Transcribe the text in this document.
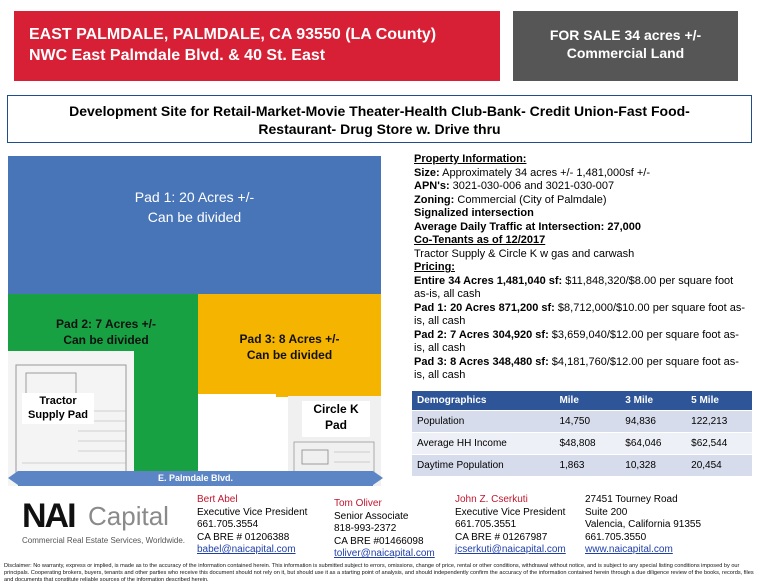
EAST PALMDALE, PALMDALE, CA 93550 (LA County)
NWC East Palmdale Blvd. & 40 St. East
FOR SALE 34 acres +/-
Commercial Land
Development Site for Retail-Market-Movie Theater-Health Club-Bank- Credit Union-Fast Food-
Restaurant- Drug Store w. Drive thru
Tractor
Supply Pad	Circle K
Pad
Pad 1: 20 Acres +/-
Can be divided
Pad 2: 7 Acres +/-
Can be divided	Pad 3: 8 Acres +/-
Can be divided
E. Palmdale Blvd.
Property Information:
Size: Approximately 34 acres +/- 1,481,000sf +/-
APN's: 3021-030-006 and 3021-030-007
Zoning: Commercial (City of Palmdale)
Signalized intersection
Average Daily Traffic at Intersection: 27,000
Co-Tenants as of 12/2017
Tractor Supply & Circle K w gas and carwash
Pricing:
Entire 34 Acres 1,481,040 sf: $11,848,320/$8.00 per square foot as-is, all cash
Pad 1: 20 Acres 871,200 sf: $8,712,000/$10.00 per square foot as-is, all cash
Pad 2: 7 Acres 304,920 sf: $3,659,040/$12.00 per square foot as-is, all cash
Pad 3: 8 Acres 348,480 sf: $4,181,760/$12.00 per square foot as-is, all cash
Demographics	Mile	3 Mile	5 Mile
Population	14,750	94,836	122,213
Average HH Income	$48,808	$64,046	$62,544
Daytime Population	1,863	10,328	20,454
NAI Capital
Commercial Real Estate Services, Worldwide.
Bert Abel
Executive Vice President
661.705.3554
CA BRE # 01206388
babel@naicapital.com
Tom Oliver
Senior Associate
818-993-2372
CA BRE #01466098
toliver@naicapital.com
John Z. Cserkuti
Executive Vice President
661.705.3551
CA BRE # 01267987
jcserkuti@naicapital.com
27451 Tourney Road
Suite 200
Valencia, California 91355
661.705.3550
www.naicapital.com
Disclaimer: No warranty, express or implied, is made as to the accuracy of the information contained herein. This information is submitted subject to errors, omissions, change of price, rental or other conditions, withdrawal without notice, and is subject to any special listing conditions imposed by our principals. Cooperating brokers, buyers, tenants and other parties who receive this document should not rely on it, but should use it as a starting point of analysis, and should independently confirm the accuracy of the information contained herein through a due diligence review of the books, records, files and documents that constitute reliable sources of the information described herein.
